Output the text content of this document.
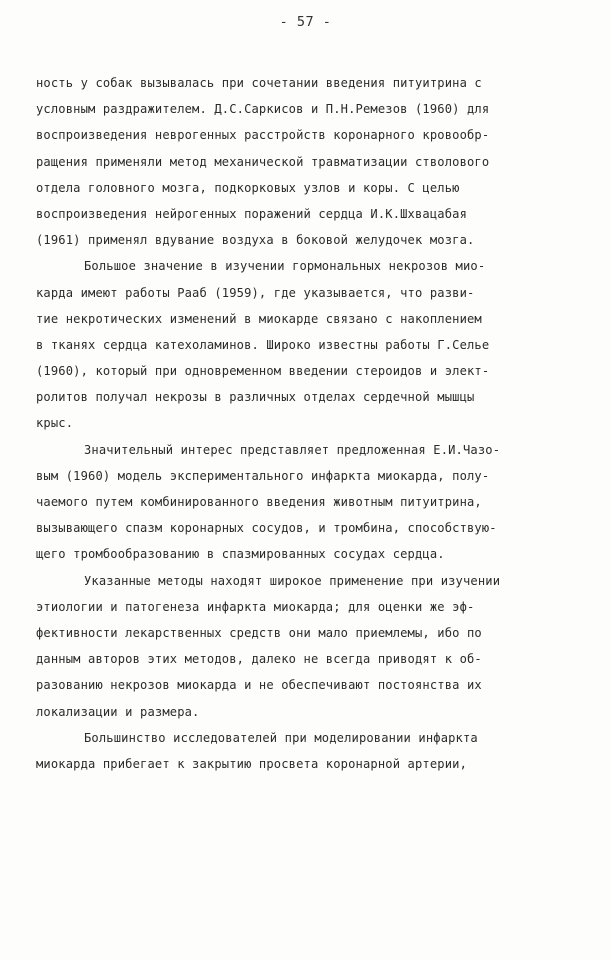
- 57 -
ность у собак вызывалась при сочетании введения питуитрина с
условным раздражителем. Д.С.Саркисов и П.Н.Ремезов (1960) для
воспроизведения неврогенных расстройств коронарного кровообр-
ращения применяли метод механической травматизации стволового
отдела головного мозга, подкорковых узлов и коры. С целью
воспроизведения нейрогенных поражений сердца И.К.Шхвацабая
(1961) применял вдувание воздуха в боковой желудочек мозга.
Большое значение в изучении гормональных некрозов мио-
карда имеют работы Рааб (1959), где указывается, что разви-
тие некротических изменений в миокарде связано с накоплением
в тканях сердца катехоламинов. Широко известны работы Г.Селье
(1960), который при одновременном введении стероидов и элект-
ролитов получал некрозы в различных отделах сердечной мышцы
крыс.
Значительный интерес представляет предложенная Е.И.Чазо-
вым (1960) модель экспериментального инфаркта миокарда, полу-
чаемого путем комбинированного введения животным питуитрина,
вызывающего спазм коронарных сосудов, и тромбина, способствую-
щего тромбообразованию в спазмированных сосудах сердца.
Указанные методы находят широкое применение при изучении
этиологии и патогенеза инфаркта миокарда; для оценки же эф-
фективности лекарственных средств они мало приемлемы, ибо по
данным авторов этих методов, далеко не всегда приводят к об-
разованию некрозов миокарда и не обеспечивают постоянства их
локализации и размера.
Большинство исследователей при моделировании инфаркта
миокарда прибегает к закрытию просвета коронарной артерии,
